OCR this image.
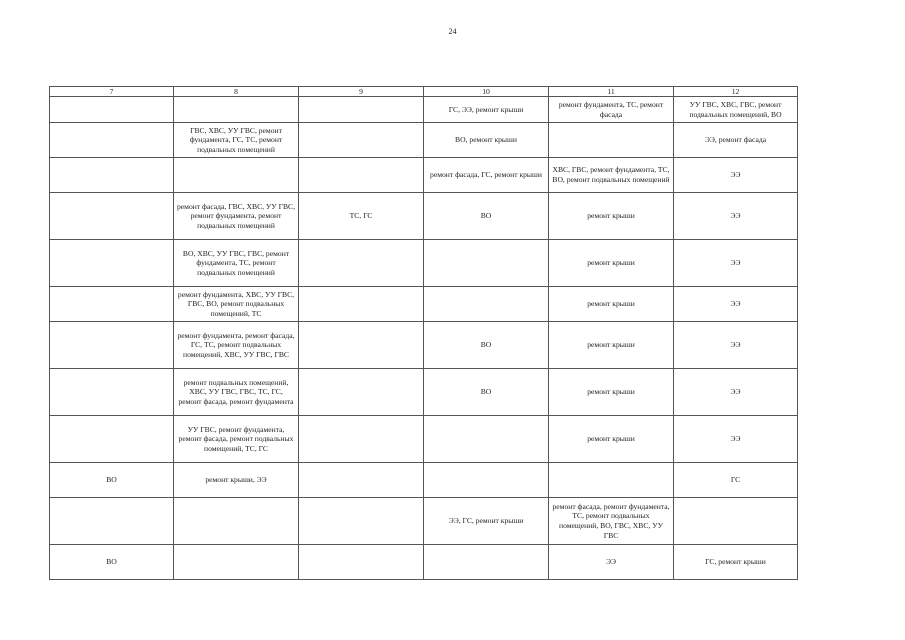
24
7	8	9	10	11	12
			ГС, ЭЭ, ремонт крыши	ремонт фундамента, ТС, ремонт фасада	УУ ГВС, ХВС, ГВС, ремонт подвальных помещений, ВО
	ГВС, ХВС, УУ ГВС, ремонт фундамента, ГС, ТС, ремонт подвальных помещений		ВО, ремонт крыши		ЭЭ, ремонт фасада
			ремонт фасада, ГС, ремонт крыши	ХВС, ГВС, ремонт фундамента, ТС, ВО, ремонт подвальных помещений	ЭЭ
	ремонт фасада, ГВС, ХВС, УУ ГВС, ремонт фундамента, ремонт подвальных помещений	ТС, ГС	ВО	ремонт крыши	ЭЭ
	ВО, ХВС, УУ ГВС, ГВС, ремонт фундамента, ТС, ремонт подвальных помещений			ремонт крыши	ЭЭ
	ремонт фундамента, ХВС, УУ ГВС, ГВС, ВО, ремонт подвальных помещений, ТС			ремонт крыши	ЭЭ
	ремонт фундамента, ремонт фасада, ГС, ТС, ремонт подвальных помещений, ХВС, УУ ГВС, ГВС		ВО	ремонт крыши	ЭЭ
	ремонт подвальных помещений, ХВС, УУ ГВС, ГВС, ТС, ГС, ремонт фасада, ремонт фундамента		ВО	ремонт крыши	ЭЭ
	УУ ГВС, ремонт фундамента, ремонт фасада, ремонт подвальных помещений, ТС, ГС			ремонт крыши	ЭЭ
ВО	ремонт крыши, ЭЭ				ГС
			ЭЭ, ГС, ремонт крыши	ремонт фасада, ремонт фундамента, ТС, ремонт подвальных помещений, ВО, ГВС, ХВС, УУ ГВС	
ВО				ЭЭ	ГС, ремонт крыши
